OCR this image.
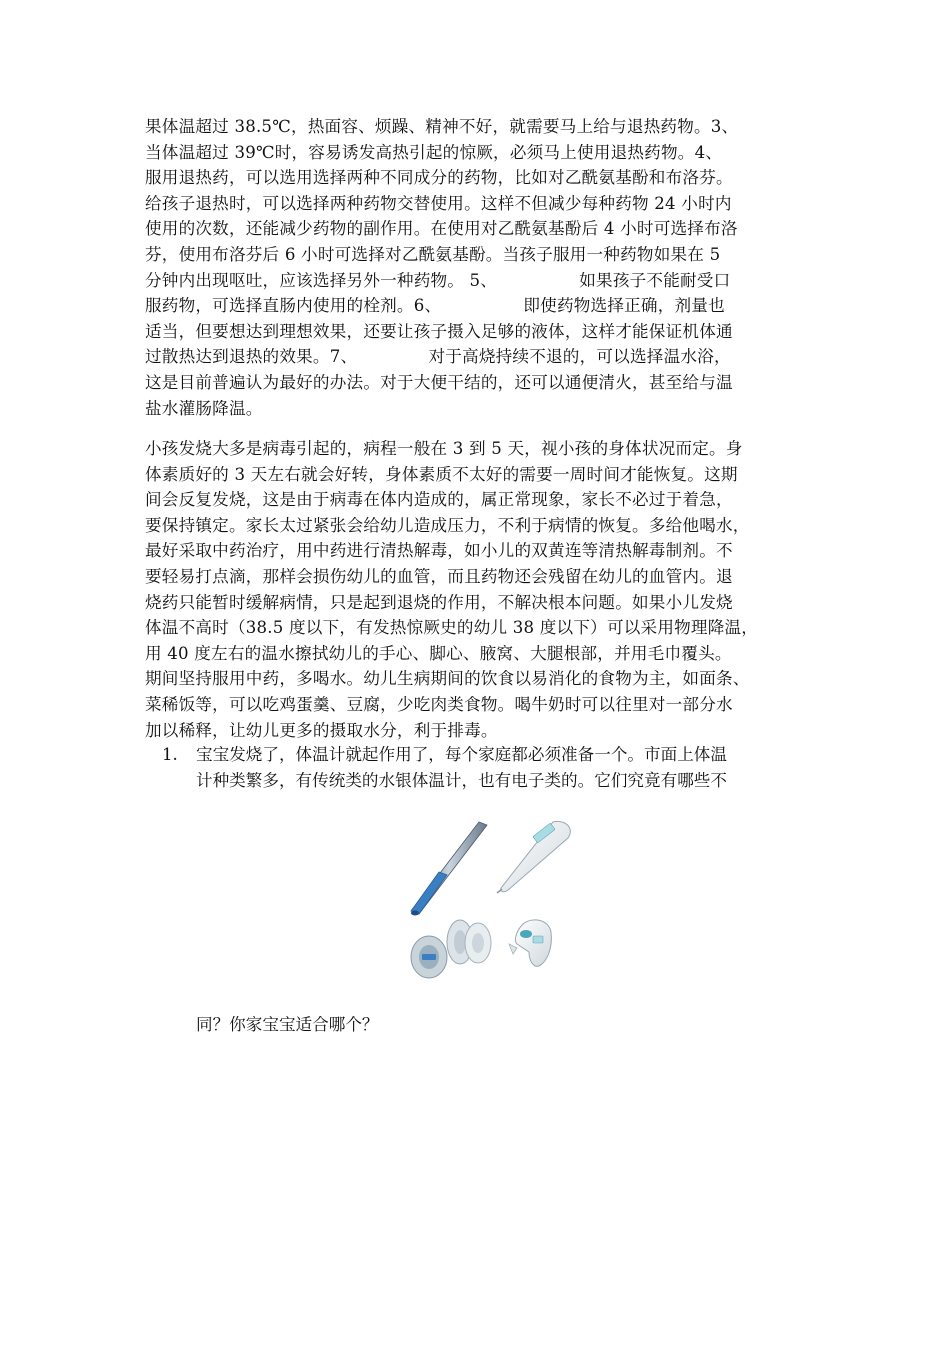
果体温超过 38.5℃，热面容、烦躁、精神不好，就需要马上给与退热药物。3、
当体温超过 39℃时，容易诱发高热引起的惊厥，必须马上使用退热药物。4、
服用退热药，可以选用选择两种不同成分的药物，比如对乙酰氨基酚和布洛芬。
给孩子退热时，可以选择两种药物交替使用。这样不但减少每种药物 24 小时内
使用的次数，还能减少药物的副作用。在使用对乙酰氨基酚后 4 小时可选择布洛
芬，使用布洛芬后 6 小时可选择对乙酰氨基酚。当孩子服用一种药物如果在 5
分钟内出现呕吐，应该选择另外一种药物。 5、               如果孩子不能耐受口
服药物，可选择直肠内使用的栓剂。6、               即使药物选择正确，剂量也
适当，但要想达到理想效果，还要让孩子摄入足够的液体，这样才能保证机体通
过散热达到退热的效果。7、             对于高烧持续不退的，可以选择温水浴，
这是目前普遍认为最好的办法。对于大便干结的，还可以通便清火，甚至给与温
盐水灌肠降温。
小孩发烧大多是病毒引起的，病程一般在 3 到 5 天，视小孩的身体状况而定。身
体素质好的 3 天左右就会好转，身体素质不太好的需要一周时间才能恢复。这期
间会反复发烧，这是由于病毒在体内造成的，属正常现象，家长不必过于着急，
要保持镇定。家长太过紧张会给幼儿造成压力，不利于病情的恢复。多给他喝水，
最好采取中药治疗，用中药进行清热解毒，如小儿的双黄连等清热解毒制剂。不
要轻易打点滴，那样会损伤幼儿的血管，而且药物还会残留在幼儿的血管内。退
烧药只能暂时缓解病情，只是起到退烧的作用，不解决根本问题。如果小儿发烧
体温不高时（38.5 度以下，有发热惊厥史的幼儿 38 度以下）可以采用物理降温，
用 40 度左右的温水擦拭幼儿的手心、脚心、腋窝、大腿根部，并用毛巾覆头。
期间坚持服用中药，多喝水。幼儿生病期间的饮食以易消化的食物为主，如面条、
菜稀饭等，可以吃鸡蛋羹、豆腐，少吃肉类食物。喝牛奶时可以往里对一部分水
加以稀释，让幼儿更多的摄取水分，利于排毒。
1. 宝宝发烧了，体温计就起作用了，每个家庭都必须准备一个。市面上体温
计种类繁多，有传统类的水银体温计，也有电子类的。它们究竟有哪些不
同？你家宝宝适合哪个？
